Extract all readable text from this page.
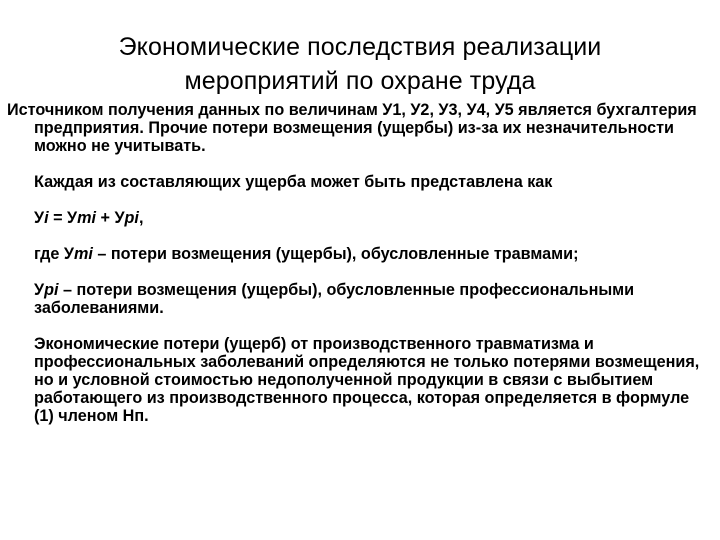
Экономические последствия реализации
мероприятий по охране труда

Источником получения данных по величинам У1, У2, У3, У4, У5 является бухгалтерия предприятия. Прочие потери возмещения (ущербы) из-за их незначительности можно не учитывать.

Каждая из составляющих ущерба может быть представлена как

Уi = Утi + Урi,

где Утi – потери возмещения (ущербы), обусловленные травмами;

Урi – потери возмещения (ущербы), обусловленные профессиональными заболеваниями.

Экономические потери (ущерб) от производственного травматизма и профессиональных заболеваний определяются не только потерями возмещения, но и условной стоимостью недополученной продукции в связи с выбытием работающего из производственного процесса, которая определяется в формуле (1) членом Нп.
